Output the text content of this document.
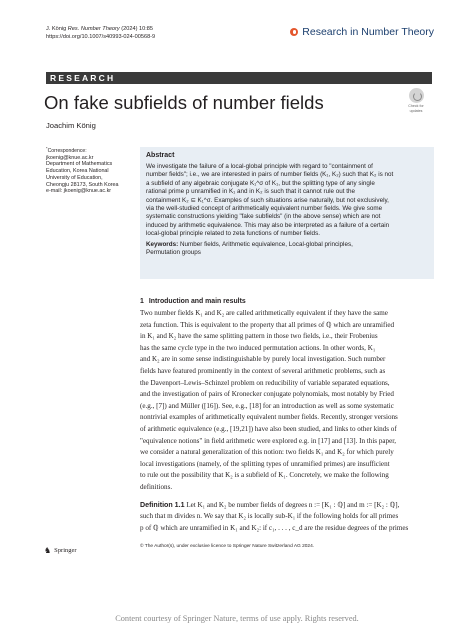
J. König Res. Number Theory (2024) 10:85
https://doi.org/10.1007/s40993-024-00568-9	Research in Number Theory
RESEARCH
On fake subfields of number fields
Joachim König
Check for
updates
*Correspondence:
jkoenig@knue.ac.kr
Department of Mathematics
Education, Korea National
University of Education,
Cheongju 28173, South Korea
e-mail: jkoenig@knue.ac.kr
Abstract
We investigate the failure of a local-global principle with regard to "containment of
number fields"; i.e., we are interested in pairs of number fields (K₁, K₂) such that K₂ is not
a subfield of any algebraic conjugate K₁^σ of K₁, but the splitting type of any single
rational prime p unramified in K₁ and in K₂ is such that it cannot rule out the
containment K₂ ⊆ K₁^σ. Examples of such situations arise naturally, but not exclusively,
via the well-studied concept of arithmetically equivalent number fields. We give some
systematic constructions yielding "fake subfields" (in the above sense) which are not
induced by arithmetic equivalence. This may also be interpreted as a failure of a certain
local-global principle related to zeta functions of number fields.
Keywords: Number fields, Arithmetic equivalence, Local-global principles,
Permutation groups
1 Introduction and main results
Two number fields K₁ and K₂ are called arithmetically equivalent if they have the same
zeta function. This is equivalent to the property that all primes of ℚ which are unramified
in K₁ and K₂ have the same splitting pattern in those two fields, i.e., their Frobenius
has the same cycle type in the two induced permutation actions. In other words, K₁
and K₂ are in some sense indistinguishable by purely local investigation. Such number
fields have featured prominently in the context of several arithmetic problems, such as
the Davenport–Lewis–Schinzel problem on reducibility of variable separated equations,
and the investigation of pairs of Kronecker conjugate polynomials, most notably by Fried
(e.g., [7]) and Müller ([16]). See, e.g., [18] for an introduction as well as some systematic
nontrivial examples of arithmetically equivalent number fields. Recently, stronger versions
of arithmetic equivalence (e.g., [19,21]) have also been studied, and links to other kinds of
"equivalence notions" in field arithmetic were explored e.g. in [17] and [13]. In this paper,
we consider a natural generalization of this notion: two fields K₁ and K₂ for which purely
local investigations (namely, of the splitting types of unramified primes) are insufficient
to rule out the possibility that K₂ is a subfield of K₁. Concretely, we make the following
definitions.
Definition 1.1 Let K₁ and K₂ be number fields of degrees n := [K₁ : ℚ] and m := [K₂ : ℚ],
such that m divides n. We say that K₂ is locally sub-K₁ if the following holds for all primes
p of ℚ which are unramified in K₁ and K₂: if c₁, . . . , c_d are the residue degrees of the primes
♞ Springer
© The Author(s), under exclusive licence to Springer Nature Switzerland AG 2024.
Content courtesy of Springer Nature, terms of use apply. Rights reserved.
